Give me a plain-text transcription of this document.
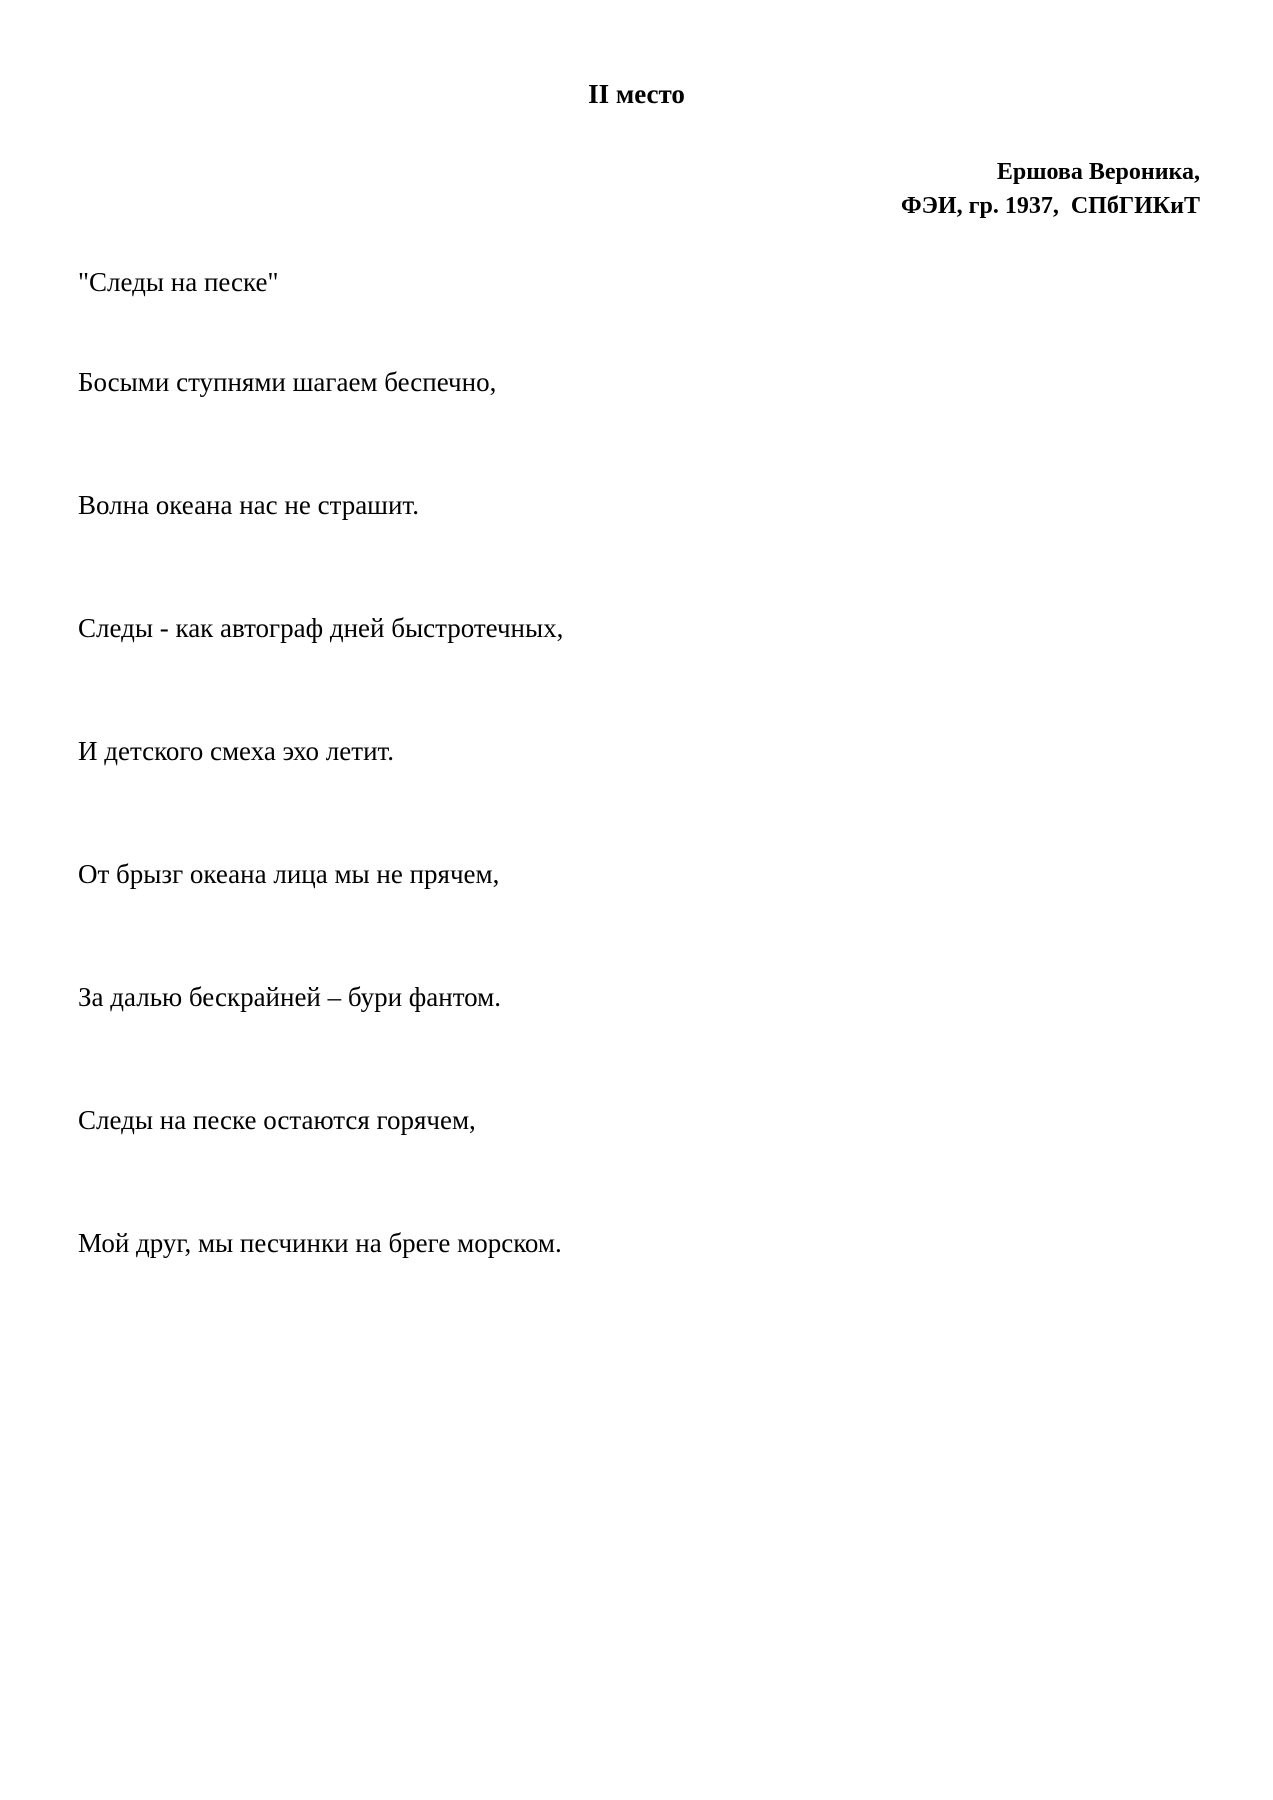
II место
Ершова Вероника,
ФЭИ, гр. 1937,  СПбГИКиТ
"Следы на песке"
Босыми ступнями шагаем беспечно,
Волна океана нас не страшит.
Следы - как автограф дней быстротечных,
И детского смеха эхо летит.
От брызг океана лица мы не прячем,
За далью бескрайней – бури фантом.
Следы на песке остаются горячем,
Мой друг, мы песчинки на бреге морском.
